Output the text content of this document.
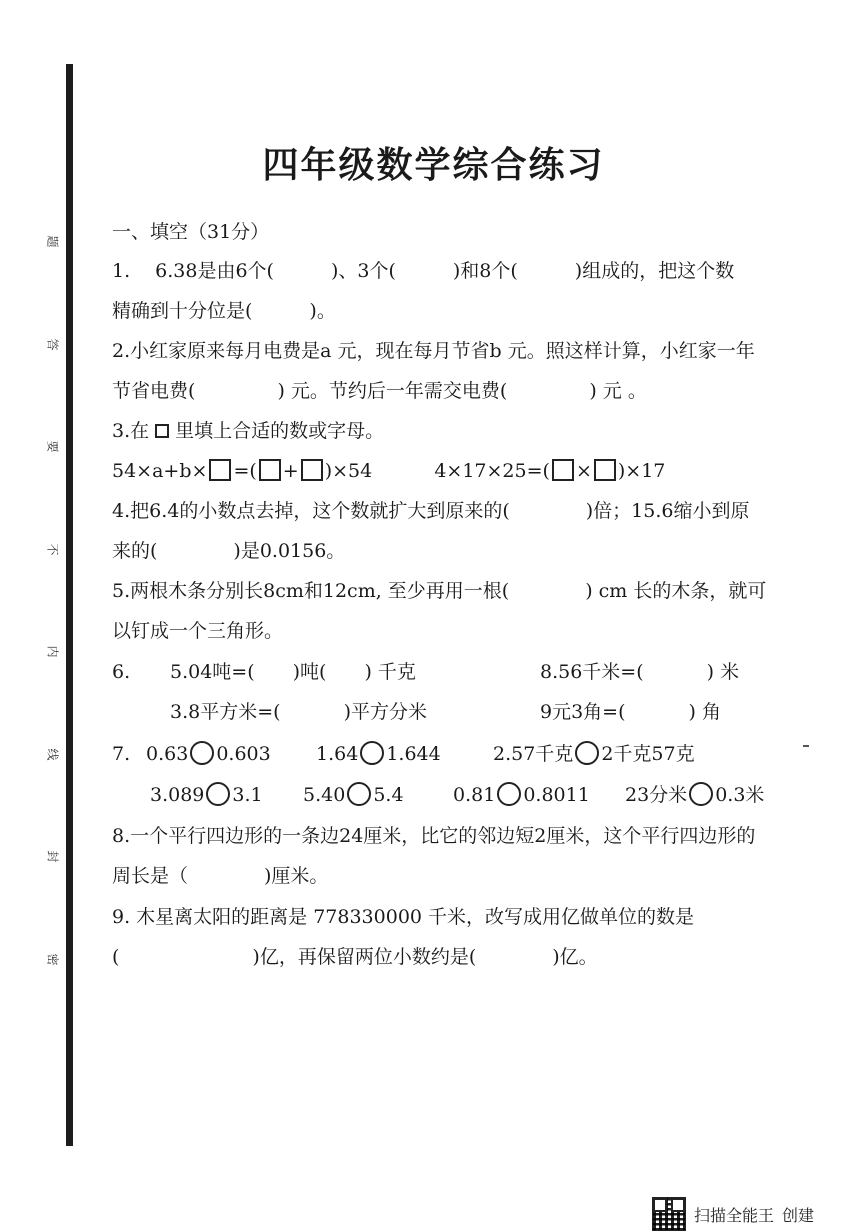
题
答
要
不
内
线
封
密
四年级数学综合练习
一、填空（31分）
1.　 6.38是由6个(　　　)、3个(　　　)和8个(　　　)组成的，把这个数
精确到十分位是(　　　)。
2.小红家原来每月电费是a 元，现在每月节省b 元。照这样计算，小红家一年
节省电费(　　　　 ) 元。节约后一年需交电费(　　　　 ) 元 。
3.在 里填上合适的数或字母。
54×a+b× =( + )×54	4×17×25=( × )×17
4.把6.4的小数点去掉，这个数就扩大到原来的(　　　　)倍；15.6缩小到原
来的(　　　　)是0.0156。
5.两根木条分别长8cm和12cm, 至少再用一根(　　　　) cm 长的木条，就可
以钉成一个三角形。
6. 5.04吨=(　　)吨(　　) 千克	8.56千米=(　　　 ) 米
3.8平方米=(　　　 )平方分米	9元3角=(　　　 ) 角
7. 0.63 0.603 1.64 1.644	2.57千克 2千克57克
3.089 3.1 5.40 5.4	0.81 0.8011 23分米 0.3米
8.一个平行四边形的一条边24厘米，比它的邻边短2厘米，这个平行四边形的
周长是（　　　　)厘米。
9. 木星离太阳的距离是 778330000 千米，改写成用亿做单位的数是
(　　　　　　　)亿，再保留两位小数约是(　　　　)亿。
扫描全能王 创建
